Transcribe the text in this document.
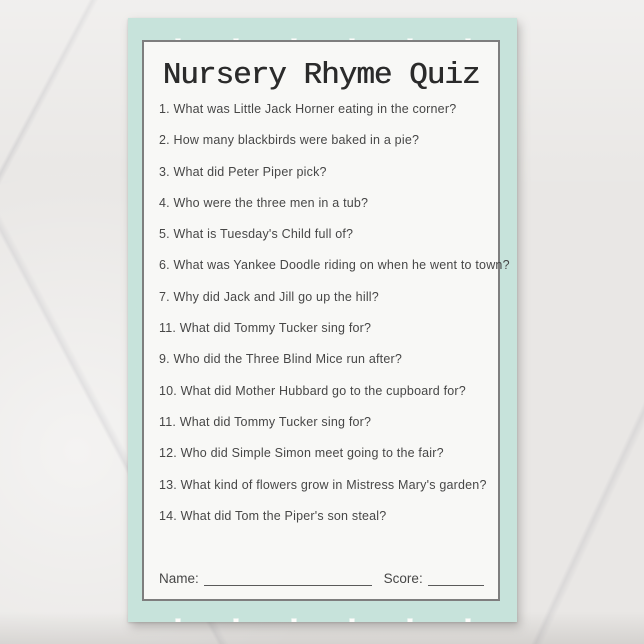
Nursery Rhyme Quiz
1. What was Little Jack Horner eating in the corner?
2. How many blackbirds were baked in a pie?
3. What did Peter Piper pick?
4. Who were the three men in a tub?
5. What is Tuesday's Child full of?
6. What was Yankee Doodle riding on when he went to town?
7. Why did Jack and Jill go up the hill?
11. What did Tommy Tucker sing for?
9. Who did the Three Blind Mice run after?
10. What did Mother Hubbard go to the cupboard for?
11. What did Tommy Tucker sing for?
12. Who did Simple Simon meet going to the fair?
13. What kind of flowers grow in Mistress Mary's garden?
14. What did Tom the Piper's son steal?
Name:	Score:
